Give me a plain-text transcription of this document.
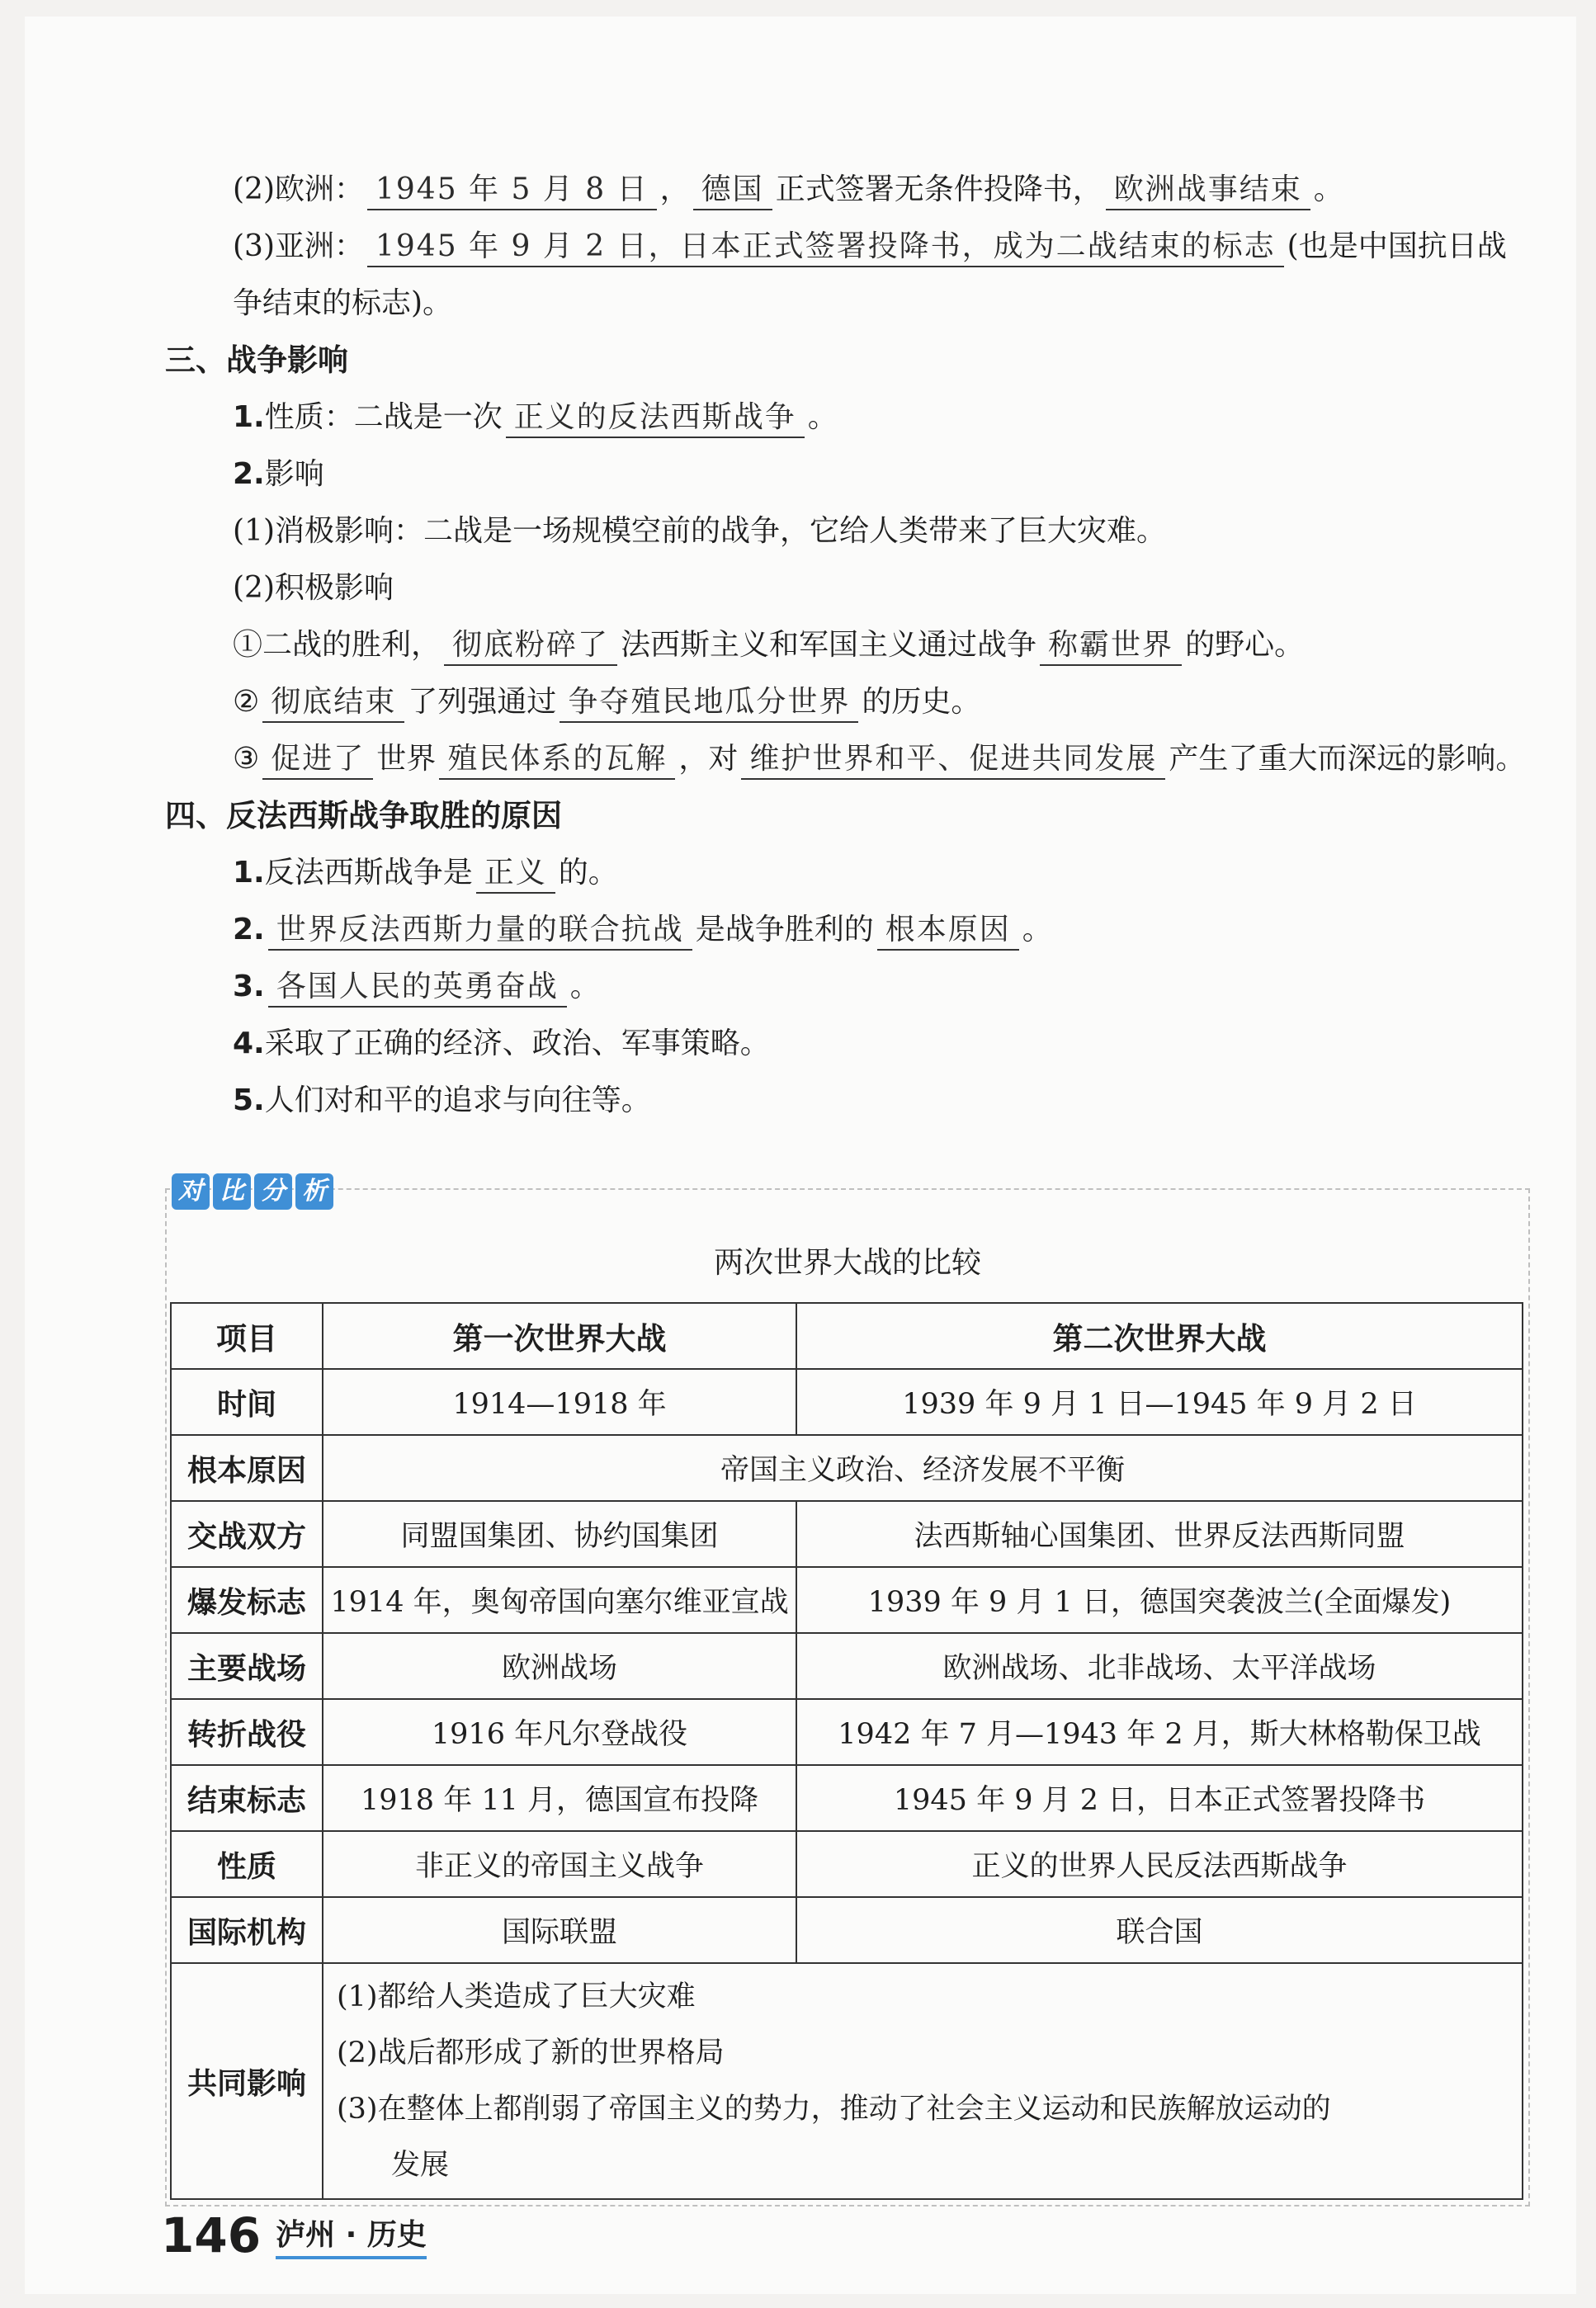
(2)欧洲： 1945 年 5 月 8 日 ， 德国 正式签署无条件投降书， 欧洲战事结束 。
(3)亚洲： 1945 年 9 月 2 日，日本正式签署投降书，成为二战结束的标志 (也是中国抗日战争结束的标志)。
三、战争影响
1.性质：二战是一次 正义的反法西斯战争 。
2.影响
(1)消极影响：二战是一场规模空前的战争，它给人类带来了巨大灾难。
(2)积极影响
①二战的胜利， 彻底粉碎了 法西斯主义和军国主义通过战争 称霸世界 的野心。
② 彻底结束 了列强通过 争夺殖民地瓜分世界 的历史。
③ 促进了 世界 殖民体系的瓦解 ，对 维护世界和平、促进共同发展 产生了重大而深远的影响。
四、反法西斯战争取胜的原因
1.反法西斯战争是 正义 的。
2. 世界反法西斯力量的联合抗战 是战争胜利的 根本原因 。
3. 各国人民的英勇奋战 。
4.采取了正确的经济、政治、军事策略。
5.人们对和平的追求与向往等。
对 比 分 析
两次世界大战的比较
项目	第一次世界大战	第二次世界大战
时间	1914—1918 年	1939 年 9 月 1 日—1945 年 9 月 2 日
根本原因	帝国主义政治、经济发展不平衡	
交战双方	同盟国集团、协约国集团	法西斯轴心国集团、世界反法西斯同盟
爆发标志	1914 年，奥匈帝国向塞尔维亚宣战	1939 年 9 月 1 日，德国突袭波兰(全面爆发)
主要战场	欧洲战场	欧洲战场、北非战场、太平洋战场
转折战役	1916 年凡尔登战役	1942 年 7 月—1943 年 2 月，斯大林格勒保卫战
结束标志	1918 年 11 月，德国宣布投降	1945 年 9 月 2 日，日本正式签署投降书
性质	非正义的帝国主义战争	正义的世界人民反法西斯战争
国际机构	国际联盟	联合国
共同影响	(1)都给人类造成了巨大灾难
(2)战后都形成了新的世界格局
(3)在整体上都削弱了帝国主义的势力，推动了社会主义运动和民族解放运动的
发展	
146 泸州 · 历史
